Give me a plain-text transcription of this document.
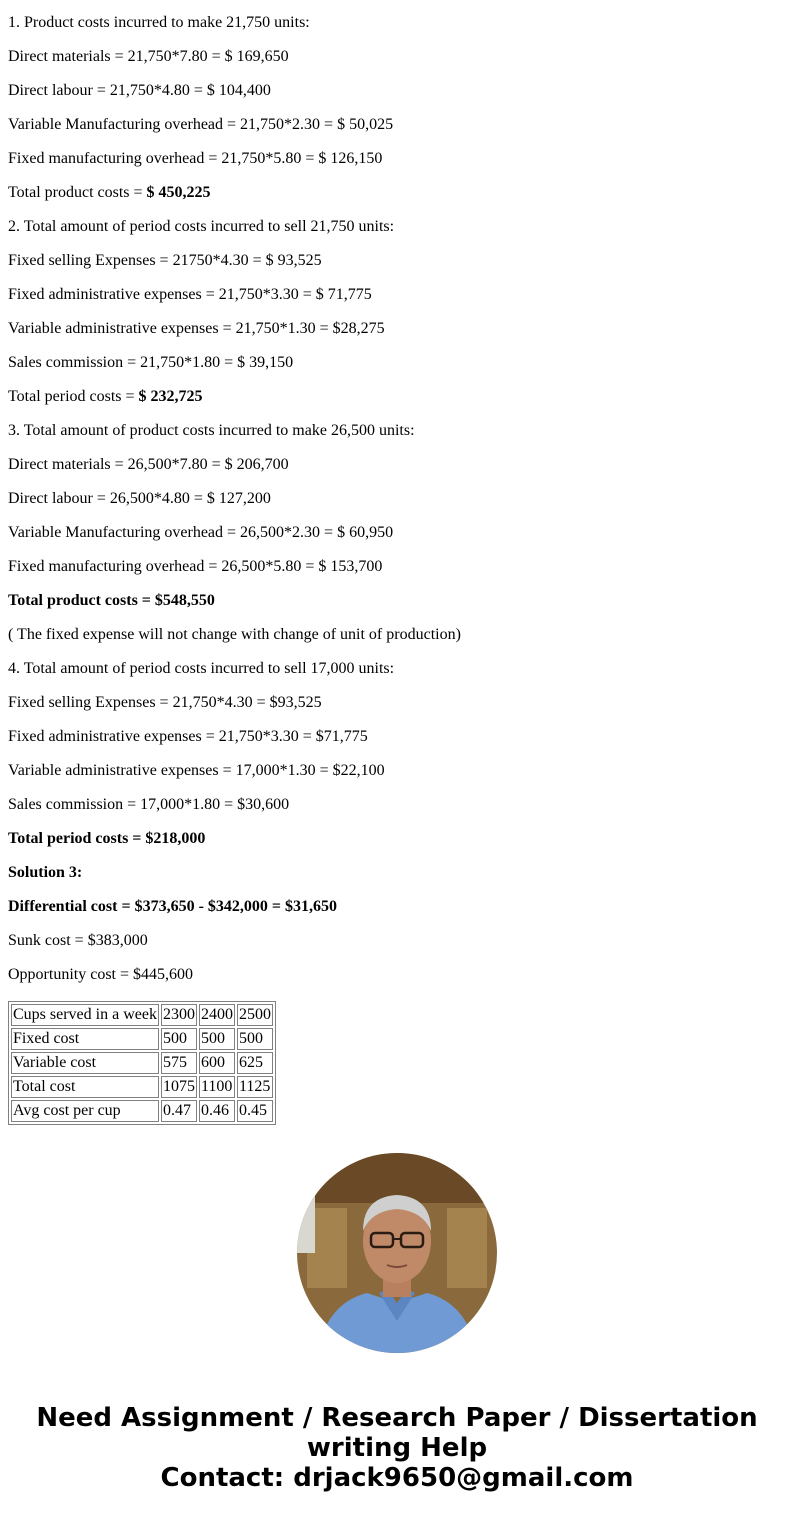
1. Product costs incurred to make 21,750 units:

Direct materials = 21,750*7.80 = $ 169,650

Direct labour = 21,750*4.80 = $ 104,400

Variable Manufacturing overhead = 21,750*2.30 = $ 50,025

Fixed manufacturing overhead = 21,750*5.80 = $ 126,150

Total product costs = $ 450,225

2. Total amount of period costs incurred to sell 21,750 units:

Fixed selling Expenses = 21750*4.30 = $ 93,525

Fixed administrative expenses = 21,750*3.30 = $ 71,775

Variable administrative expenses = 21,750*1.30 = $28,275

Sales commission = 21,750*1.80 = $ 39,150

Total period costs = $ 232,725

3. Total amount of product costs incurred to make 26,500 units:

Direct materials = 26,500*7.80 = $ 206,700

Direct labour = 26,500*4.80 = $ 127,200

Variable Manufacturing overhead = 26,500*2.30 = $ 60,950

Fixed manufacturing overhead = 26,500*5.80 = $ 153,700

Total product costs = $548,550

( The fixed expense will not change with change of unit of production)

4. Total amount of period costs incurred to sell 17,000 units:

Fixed selling Expenses = 21,750*4.30 = $93,525

Fixed administrative expenses = 21,750*3.30 = $71,775

Variable administrative expenses = 17,000*1.30 = $22,100

Sales commission = 17,000*1.80 = $30,600

Total period costs = $218,000

Solution 3:

Differential cost = $373,650 - $342,000 = $31,650

Sunk cost = $383,000

Opportunity cost = $445,600

Cups served in a week	2300	2400	2500
Fixed cost	500	500	500
Variable cost	575	600	625
Total cost	1075	1100	1125
Avg cost per cup	0.47	0.46	0.45
Need Assignment / Research Paper / Dissertation
writing Help
Contact: drjack9650@gmail.com
